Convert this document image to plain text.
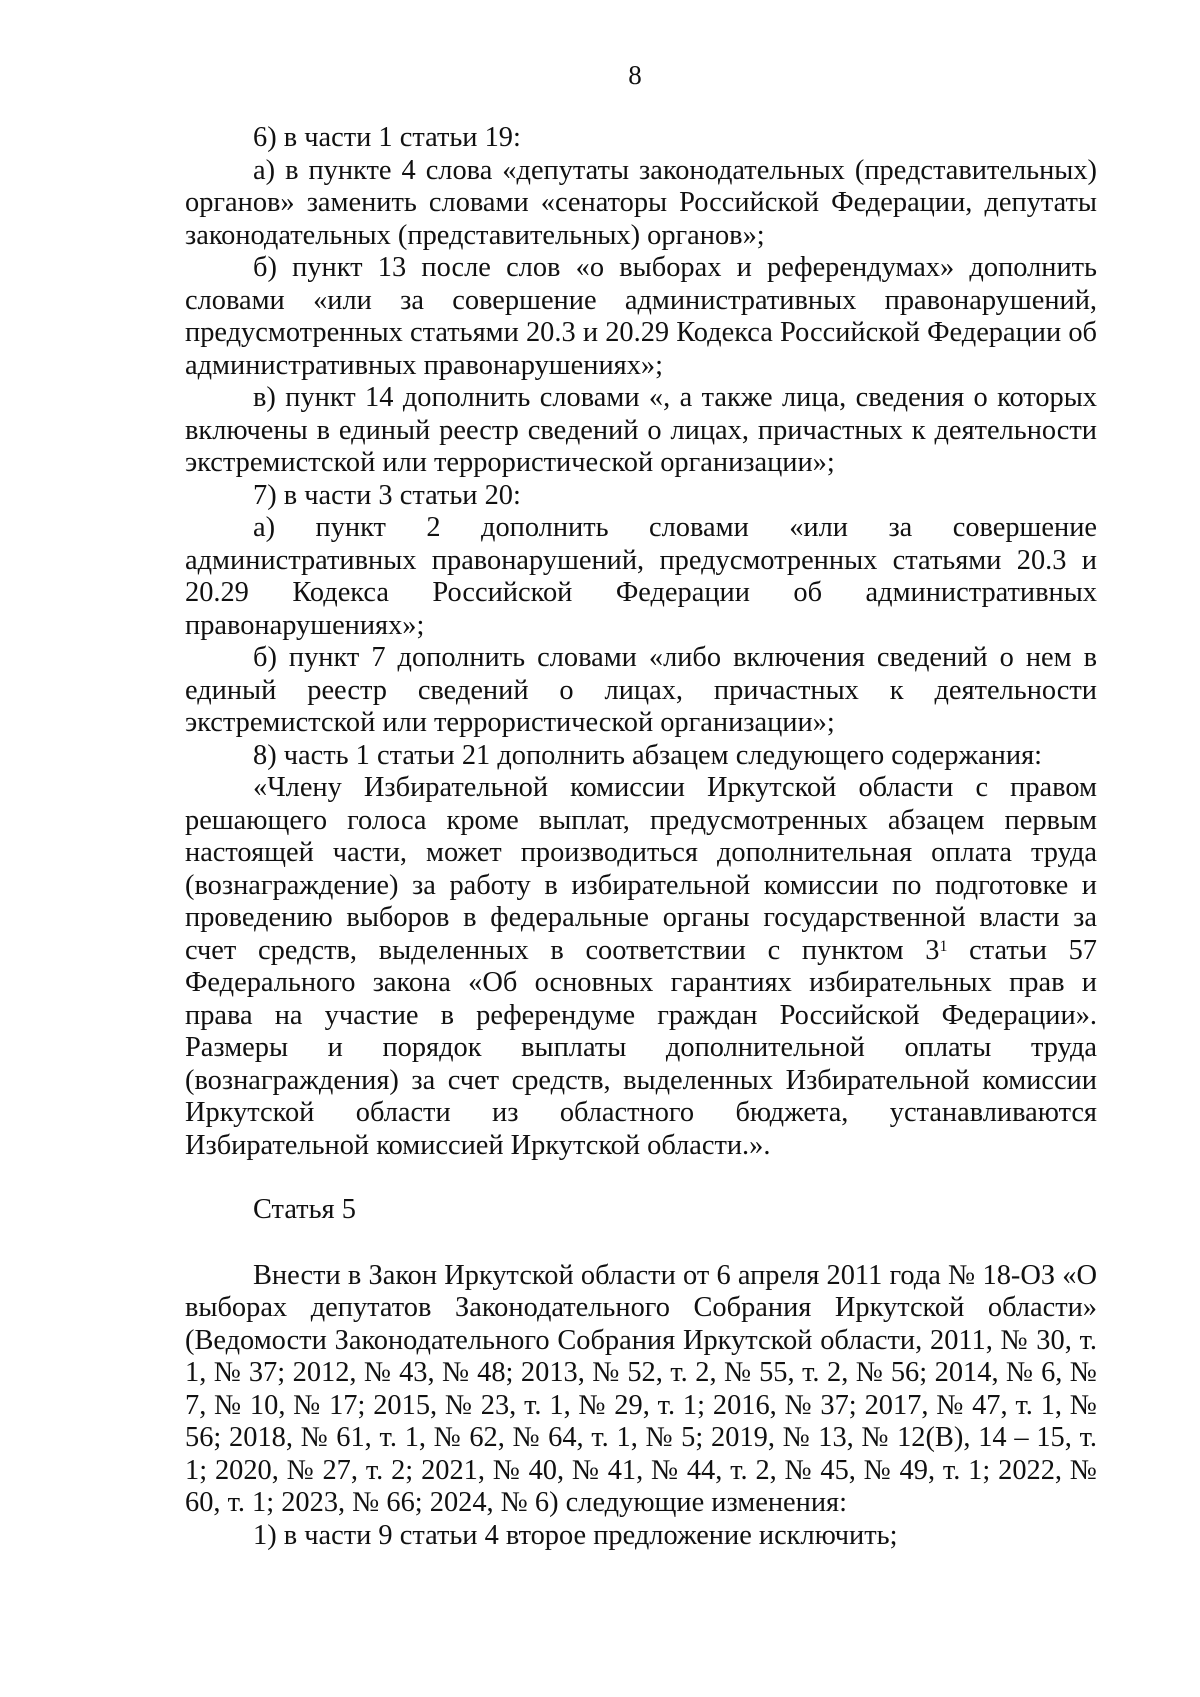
8

6) в части 1 статьи 19:

а) в пункте 4 слова «депутаты законодательных (представительных) органов» заменить словами «сенаторы Российской Федерации, депутаты законодательных (представительных) органов»;

б) пункт 13 после слов «о выборах и референдумах» дополнить словами «или за совершение административных правонарушений, предусмотренных статьями 20.3 и 20.29 Кодекса Российской Федерации об административных правонарушениях»;

в) пункт 14 дополнить словами «, а также лица, сведения о которых включены в единый реестр сведений о лицах, причастных к деятельности экстремистской или террористической организации»;

7) в части 3 статьи 20:

а) пункт 2 дополнить словами «или за совершение административных правонарушений, предусмотренных статьями 20.3 и 20.29 Кодекса Российской Федерации об административных правонарушениях»;

б) пункт 7 дополнить словами «либо включения сведений о нем в единый реестр сведений о лицах, причастных к деятельности экстремистской или террористической организации»;

8) часть 1 статьи 21 дополнить абзацем следующего содержания:

«Члену Избирательной комиссии Иркутской области с правом решающего голоса кроме выплат, предусмотренных абзацем первым настоящей части, может производиться дополнительная оплата труда (вознаграждение) за работу в избирательной комиссии по подготовке и проведению выборов в федеральные органы государственной власти за счет средств, выделенных в соответствии с пунктом $3^1$ статьи 57 Федерального закона «Об основных гарантиях избирательных прав и права на участие в референдуме граждан Российской Федерации». Размеры и порядок выплаты дополнительной оплаты труда (вознаграждения) за счет средств, выделенных Избирательной комиссии Иркутской области из областного бюджета, устанавливаются Избирательной комиссией Иркутской области.».

Статья 5

Внести в Закон Иркутской области от 6 апреля 2011 года № 18-ОЗ «О выборах депутатов Законодательного Собрания Иркутской области» (Ведомости Законодательного Собрания Иркутской области, 2011, № 30, т. 1, № 37; 2012, № 43, № 48; 2013, № 52, т. 2, № 55, т. 2, № 56; 2014, № 6, № 7, № 10, № 17; 2015, № 23, т. 1, № 29, т. 1; 2016, № 37; 2017, № 47, т. 1, № 56; 2018, № 61, т. 1, № 62, № 64, т. 1, № 5; 2019, № 13, № 12(В), 14 – 15, т. 1; 2020, № 27, т. 2; 2021, № 40, № 41, № 44, т. 2, № 45, № 49, т. 1; 2022, № 60, т. 1; 2023, № 66; 2024, № 6) следующие изменения:

1) в части 9 статьи 4 второе предложение исключить;
